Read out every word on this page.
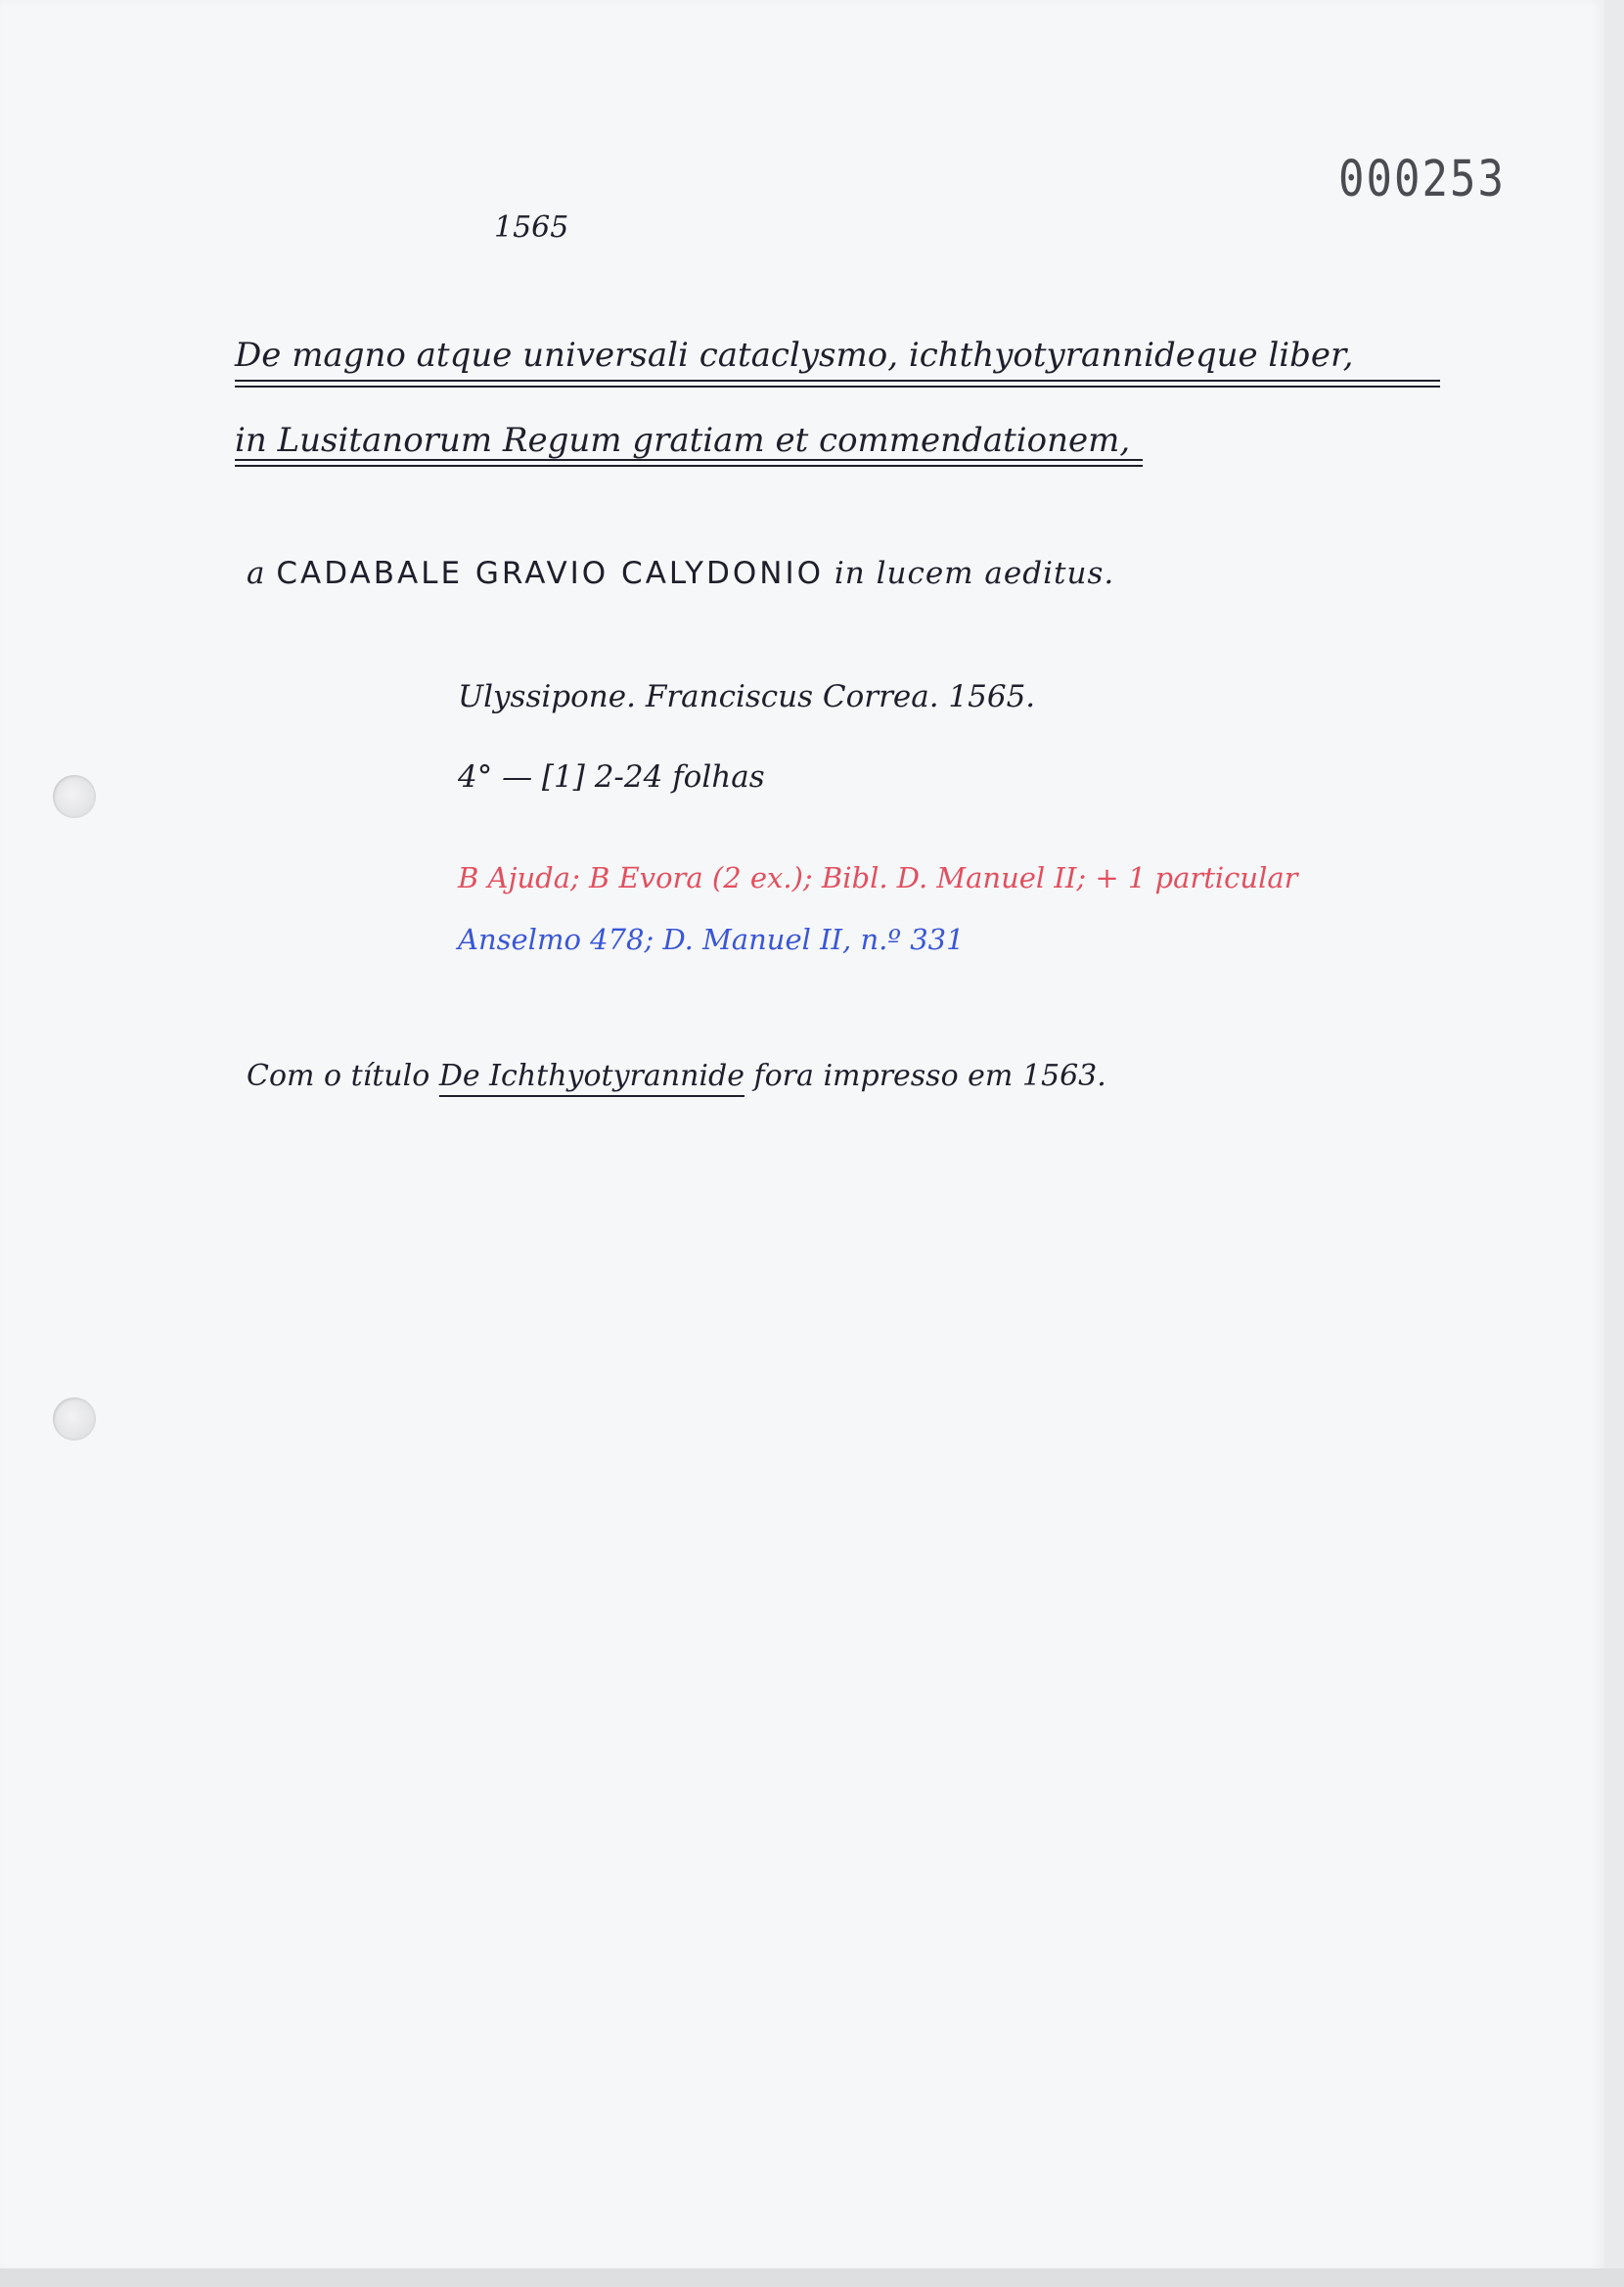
000253
1565
De magno atque universali cataclysmo, ichthyotyrannideque liber,
in Lusitanorum Regum gratiam et commendationem,
a CADABALE GRAVIO CALYDONIO in lucem aeditus.
Ulyssipone. Franciscus Correa. 1565.
4° — [1] 2-24 folhas
B Ajuda; B Evora (2 ex.); Bibl. D. Manuel II; + 1 particular
Anselmo 478; D. Manuel II, n.º 331
Com o título De Ichthyotyrannide fora impresso em 1563.
